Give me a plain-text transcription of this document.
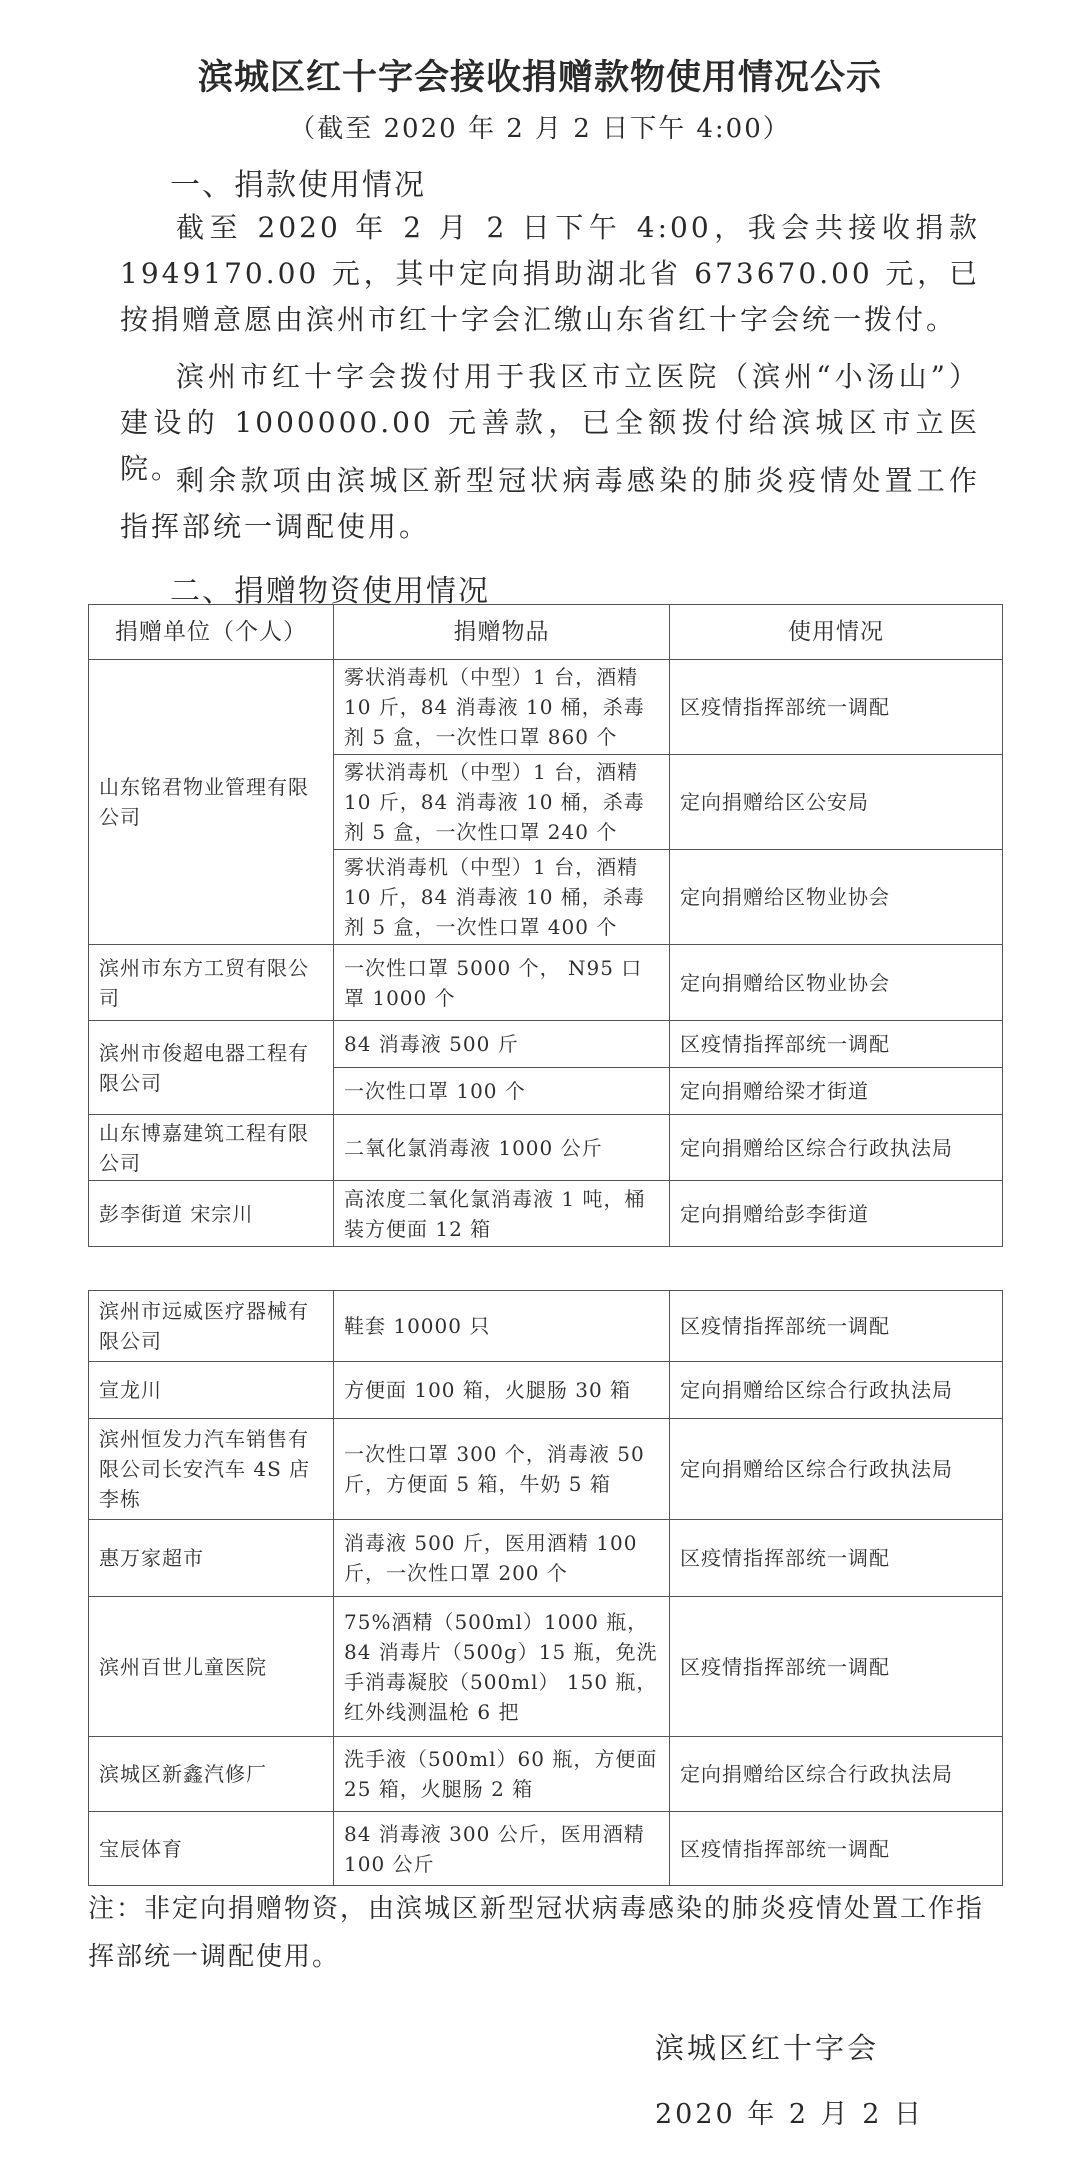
滨城区红十字会接收捐赠款物使用情况公示
（截至 2020 年 2 月 2 日下午 4:00）
一、捐款使用情况
截至 2020 年 2 月 2 日下午 4:00，我会共接收捐款 1949170.00 元，其中定向捐助湖北省 673670.00 元，已按捐赠意愿由滨州市红十字会汇缴山东省红十字会统一拨付。
滨州市红十字会拨付用于我区市立医院（滨州“小汤山”）建设的 1000000.00 元善款，已全额拨付给滨城区市立医院。
剩余款项由滨城区新型冠状病毒感染的肺炎疫情处置工作指挥部统一调配使用。
二、捐赠物资使用情况
捐赠单位（个人）	捐赠物品	使用情况
山东铭君物业管理有限公司	雾状消毒机（中型）1 台，酒精 10 斤，84 消毒液 10 桶，杀毒剂 5 盒，一次性口罩 860 个	区疫情指挥部统一调配
	雾状消毒机（中型）1 台，酒精 10 斤，84 消毒液 10 桶，杀毒剂 5 盒，一次性口罩 240 个	定向捐赠给区公安局
	雾状消毒机（中型）1 台，酒精 10 斤，84 消毒液 10 桶，杀毒剂 5 盒，一次性口罩 400 个	定向捐赠给区物业协会
滨州市东方工贸有限公司	一次性口罩 5000 个， N95 口罩 1000 个	定向捐赠给区物业协会
滨州市俊超电器工程有限公司	84 消毒液 500 斤	区疫情指挥部统一调配
	一次性口罩 100 个	定向捐赠给梁才街道
山东博嘉建筑工程有限公司	二氧化氯消毒液 1000 公斤	定向捐赠给区综合行政执法局
彭李街道 宋宗川	高浓度二氧化氯消毒液 1 吨，桶装方便面 12 箱	定向捐赠给彭李街道
滨州市远威医疗器械有限公司	鞋套 10000 只	区疫情指挥部统一调配
宣龙川	方便面 100 箱，火腿肠 30 箱	定向捐赠给区综合行政执法局
滨州恒发力汽车销售有限公司长安汽车 4S 店李栋	一次性口罩 300 个，消毒液 50 斤，方便面 5 箱，牛奶 5 箱	定向捐赠给区综合行政执法局
惠万家超市	消毒液 500 斤，医用酒精 100 斤，一次性口罩 200 个	区疫情指挥部统一调配
滨州百世儿童医院	75%酒精（500ml）1000 瓶，84 消毒片（500g）15 瓶，免洗手消毒凝胶（500ml） 150 瓶，红外线测温枪 6 把	区疫情指挥部统一调配
滨城区新鑫汽修厂	洗手液（500ml）60 瓶，方便面 25 箱，火腿肠 2 箱	定向捐赠给区综合行政执法局
宝辰体育	84 消毒液 300 公斤，医用酒精 100 公斤	区疫情指挥部统一调配
注：非定向捐赠物资，由滨城区新型冠状病毒感染的肺炎疫情处置工作指挥部统一调配使用。
滨城区红十字会
2020 年 2 月 2 日
